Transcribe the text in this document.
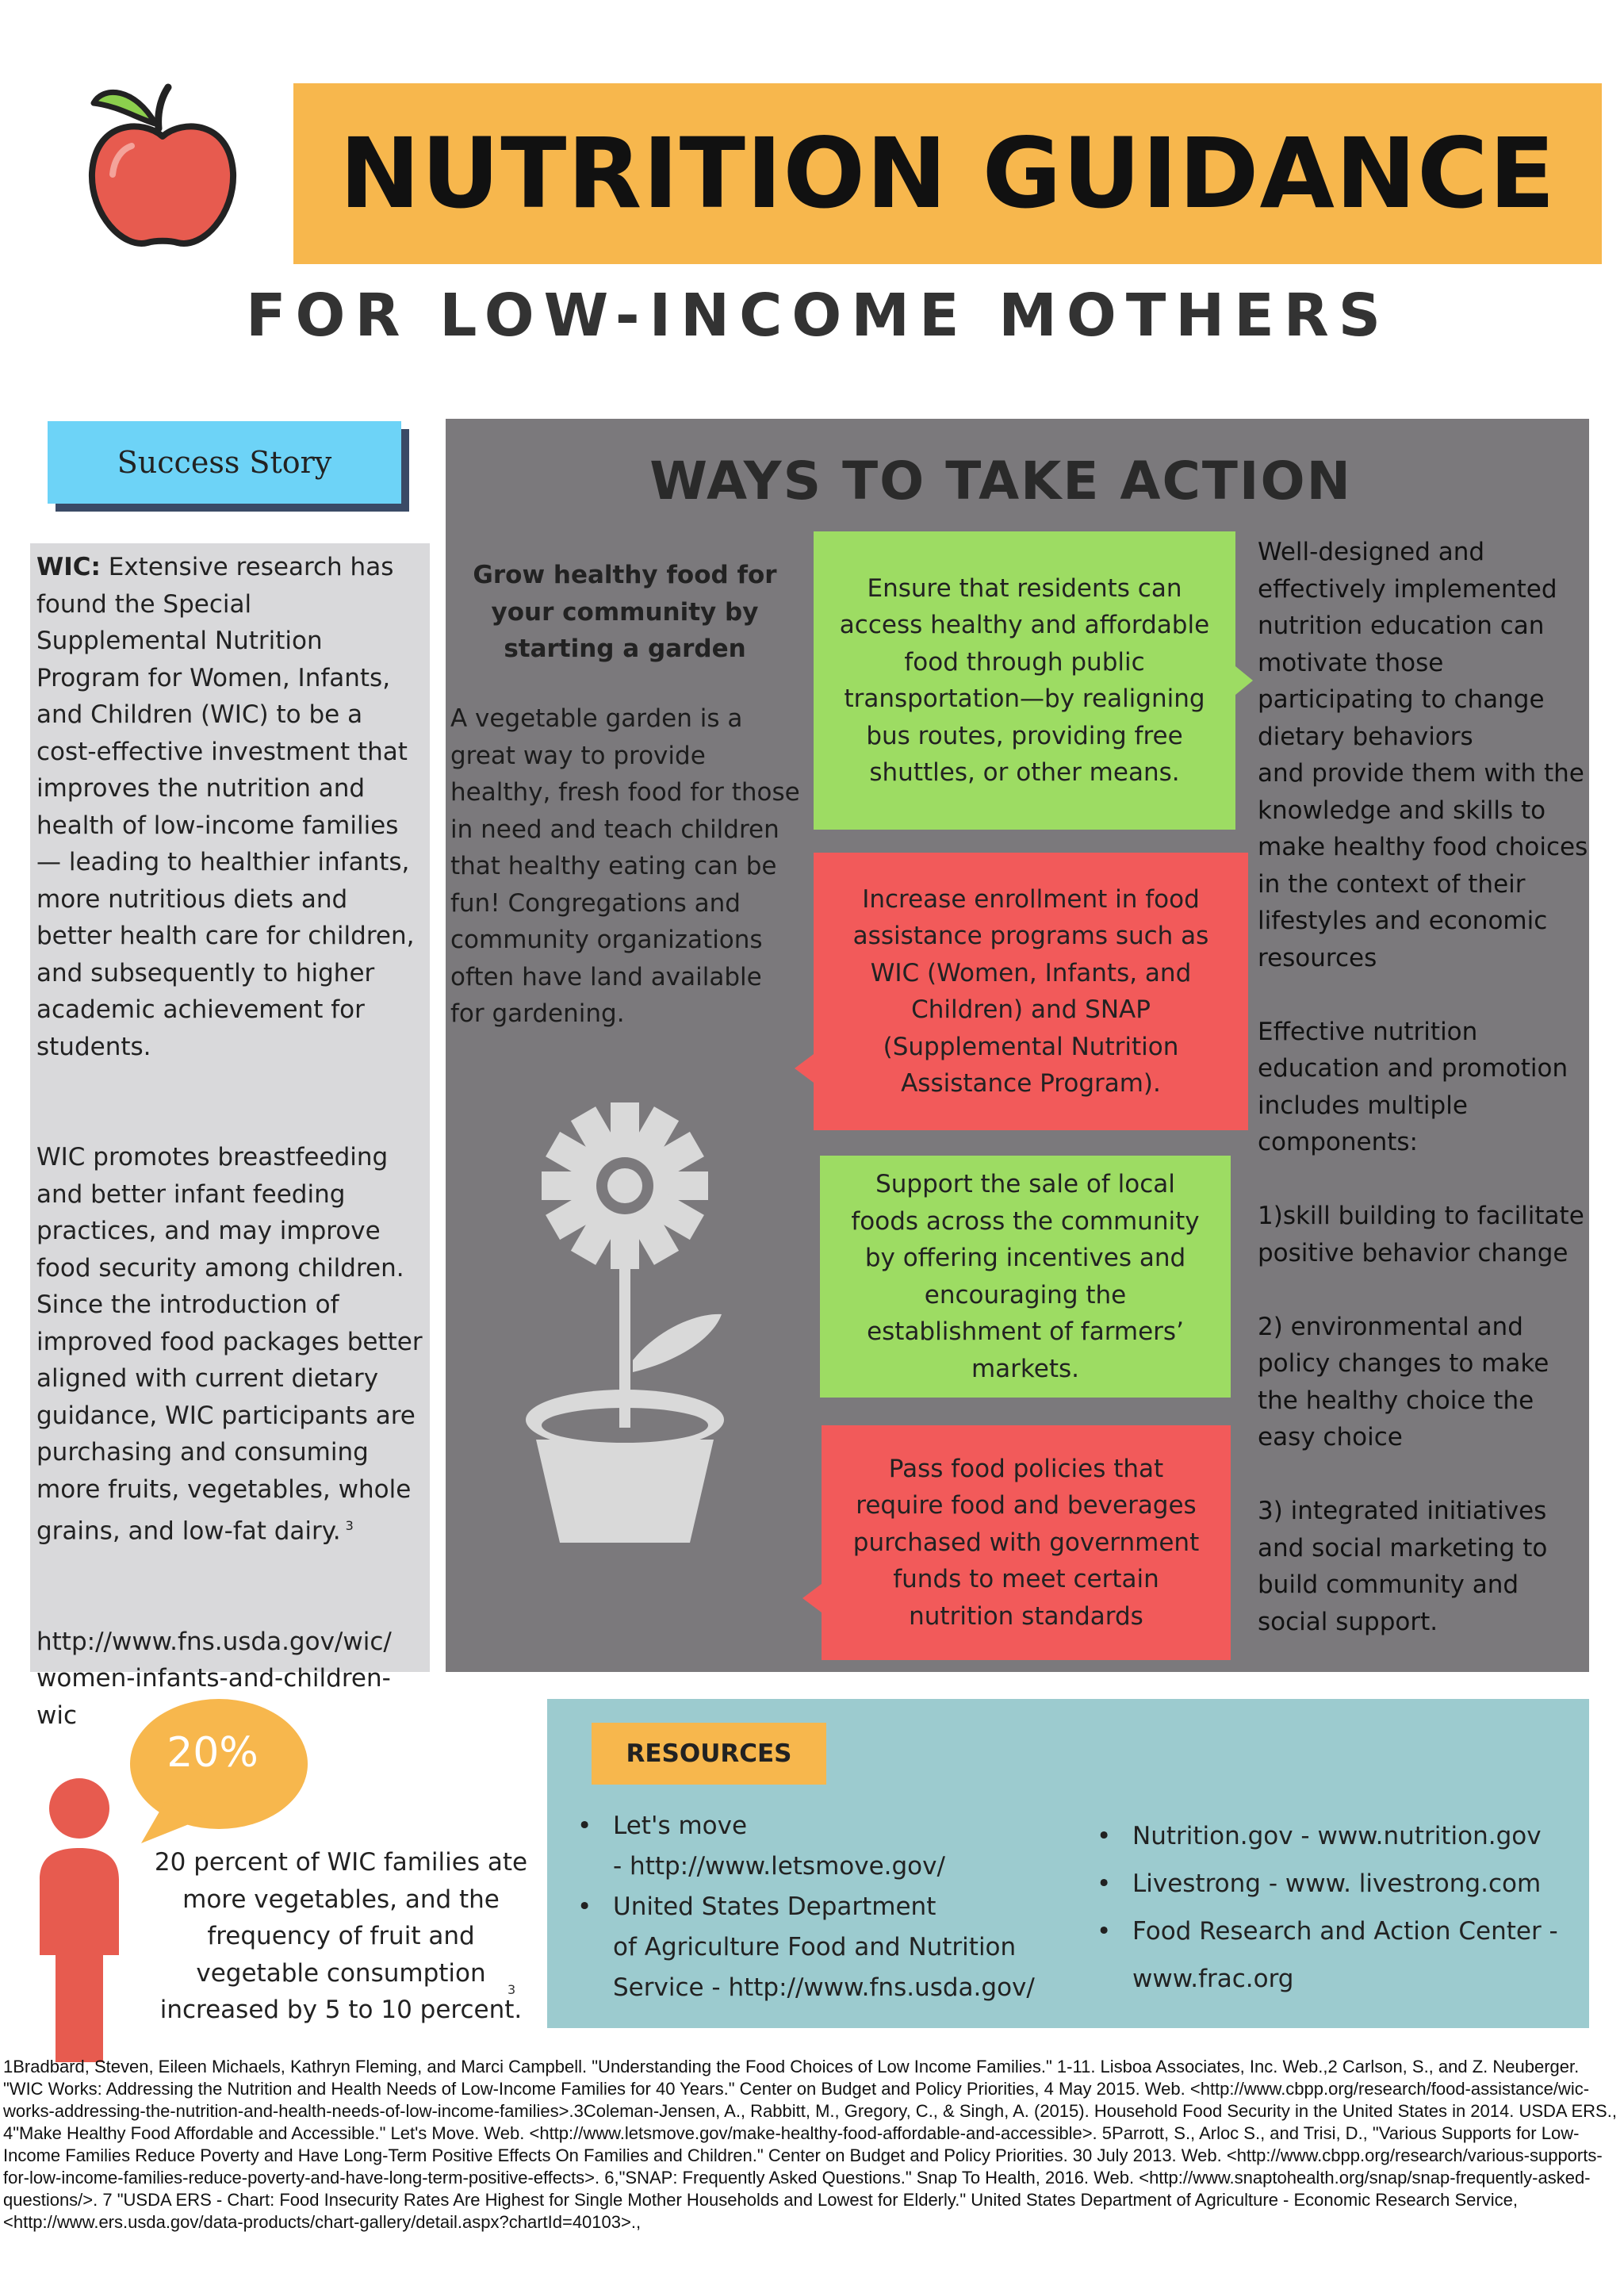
NUTRITION GUIDANCE
FOR LOW-INCOME MOTHERS
Success Story

WIC: Extensive research has found the Special Supplemental Nutrition Program for Women, Infants, and Children (WIC) to be a cost-effective investment that improves the nutrition and health of low-income families — leading to healthier infants, more nutritious diets and better health care for children, and subsequently to higher academic achievement for students.

WIC promotes breastfeeding and better infant feeding practices, and may improve food security among children. Since the introduction of improved food packages better aligned with current dietary guidance, WIC participants are purchasing and consuming more fruits, vegetables, whole grains, and low-fat dairy. $^3$

http://www.fns.usda.gov/wic/
women-infants-and-children-wic

WAYS TO TAKE ACTION
Grow healthy food for your community by starting a garden
A vegetable garden is a great way to provide healthy, fresh food for those in need and teach children that healthy eating can be fun! Congregations and community organizations often have land available for gardening.
Ensure that residents can access healthy and affordable food through public transportation—by realigning bus routes, providing free shuttles, or other means.
Increase enrollment in food assistance programs such as WIC (Women, Infants, and Children) and SNAP (Supplemental Nutrition Assistance Program).
Support the sale of local foods across the community by offering incentives and encouraging the establishment of farmers’ markets.
Pass food policies that require food and beverages purchased with government funds to meet certain nutrition standards

Well-designed and effectively implemented nutrition education can motivate those participating to change dietary behaviors

and provide them with the knowledge and skills to make healthy food choices in the context of their lifestyles and economic resources

Effective nutrition education and promotion includes multiple components:

1)skill building to facilitate positive behavior change

2) environmental and policy changes to make the healthy choice the easy choice

3) integrated initiatives and social marketing to build community and

social support.

20%
20 percent of WIC families ate more vegetables, and the frequency of fruit and vegetable consumption increased by 5 to 10 percent.
3
RESOURCES
• Let's move
- http://www.letsmove.gov/
• United States Department
of Agriculture Food and Nutrition
Service - http://www.fns.usda.gov/
• Nutrition.gov - www.nutrition.gov
• Livestrong - www. livestrong.com
• Food Research and Action Center -
www.frac.org
1Bradbard, Steven, Eileen Michaels, Kathryn Fleming, and Marci Campbell. "Understanding the Food Choices of Low Income Families." 1-11. Lisboa Associates, Inc. Web.,2 Carlson, S., and Z. Neuberger. "WIC Works: Addressing the Nutrition and Health Needs of Low-Income Families for 40 Years." Center on Budget and Policy Priorities, 4 May 2015. Web. <http://www.cbpp.org/research/food-assistance/wic-works-addressing-the-nutrition-and-health-needs-of-low-income-families>.3Coleman-Jensen, A., Rabbitt, M., Gregory, C., & Singh, A. (2015). Household Food Security in the United States in 2014. USDA ERS., 4"Make Healthy Food Affordable and Accessible." Let's Move. Web. <http://www.letsmove.gov/make-healthy-food-affordable-and-accessible>. 5Parrott, S., Arloc S., and Trisi, D., "Various Supports for Low-Income Families Reduce Poverty and Have Long-Term Positive Effects On Families and Children." Center on Budget and Policy Priorities. 30 July 2013. Web. <http://www.cbpp.org/research/various-supports-for-low-income-families-reduce-poverty-and-have-long-term-positive-effects>. 6,"SNAP: Frequently Asked Questions." Snap To Health, 2016. Web. <http://www.snaptohealth.org/snap/snap-frequently-asked-questions/>. 7 "USDA ERS - Chart: Food Insecurity Rates Are Highest for Single Mother Households and Lowest for Elderly." United States Department of Agriculture - Economic Research Service, <http://www.ers.usda.gov/data-products/chart-gallery/detail.aspx?chartId=40103>.,
